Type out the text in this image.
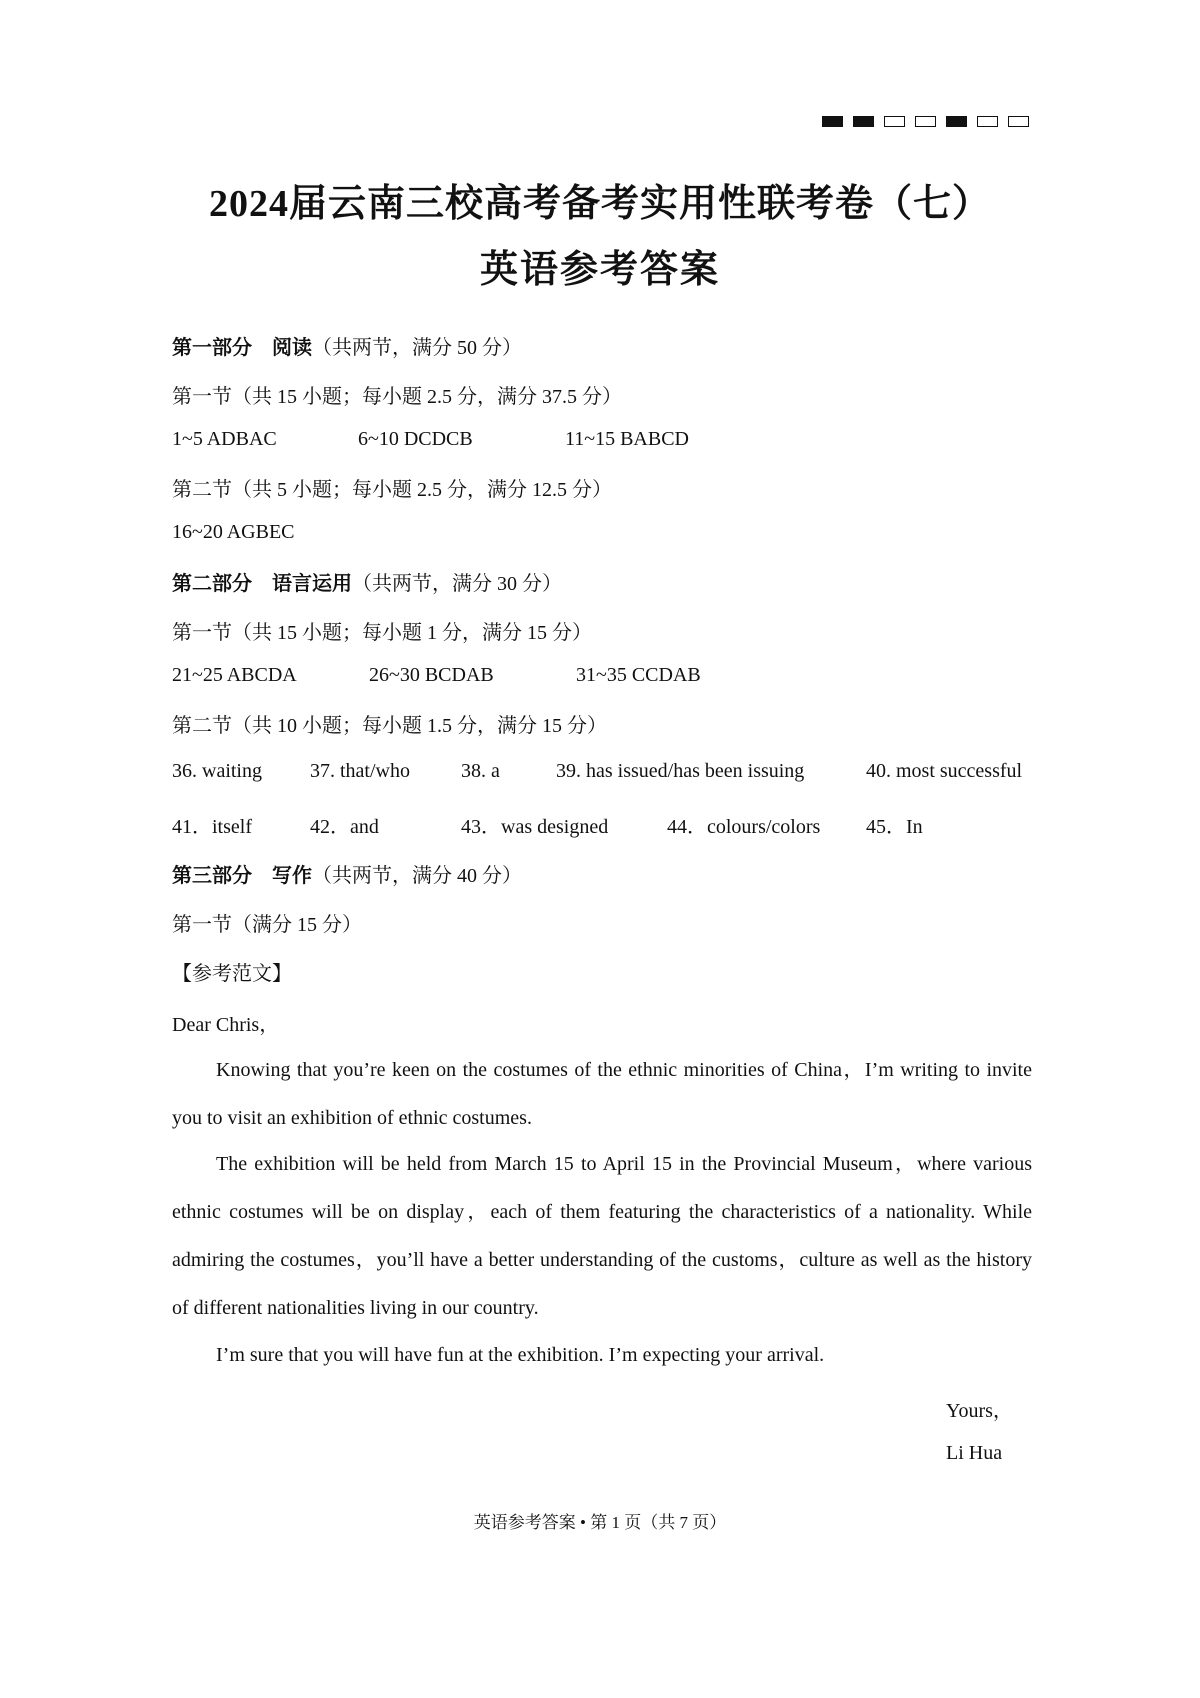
2024届云南三校高考备考实用性联考卷（七）
英语参考答案
第一部分　阅读（共两节，满分 50 分）
第一节（共 15 小题；每小题 2.5 分，满分 37.5 分）
1~5 ADBAC	6~10 DCDCB	11~15 BABCD
第二节（共 5 小题；每小题 2.5 分，满分 12.5 分）
16~20 AGBEC
第二部分　语言运用（共两节，满分 30 分）
第一节（共 15 小题；每小题 1 分，满分 15 分）
21~25 ABCDA	26~30 BCDAB	31~35 CCDAB
第二节（共 10 小题；每小题 1.5 分，满分 15 分）
36. waiting 37. that/who	38. a	39. has issued/has been issuing	40. most successful
41．itself	42．and	43．was designed	44．colours/colors 45．In
第三部分　写作（共两节，满分 40 分）
第一节（满分 15 分）
【参考范文】
Dear Chris，
Knowing that you’re keen on the costumes of the ethnic minorities of China，I’m writing to invite you to visit an exhibition of ethnic costumes.
The exhibition will be held from March 15 to April 15 in the Provincial Museum，where various ethnic costumes will be on display，each of them featuring the characteristics of a nationality. While admiring the costumes，you’ll have a better understanding of the customs，culture as well as the history of different nationalities living in our country.
I’m sure that you will have fun at the exhibition. I’m expecting your arrival.
Yours，
Li Hua
英语参考答案 • 第 1 页（共 7 页）
